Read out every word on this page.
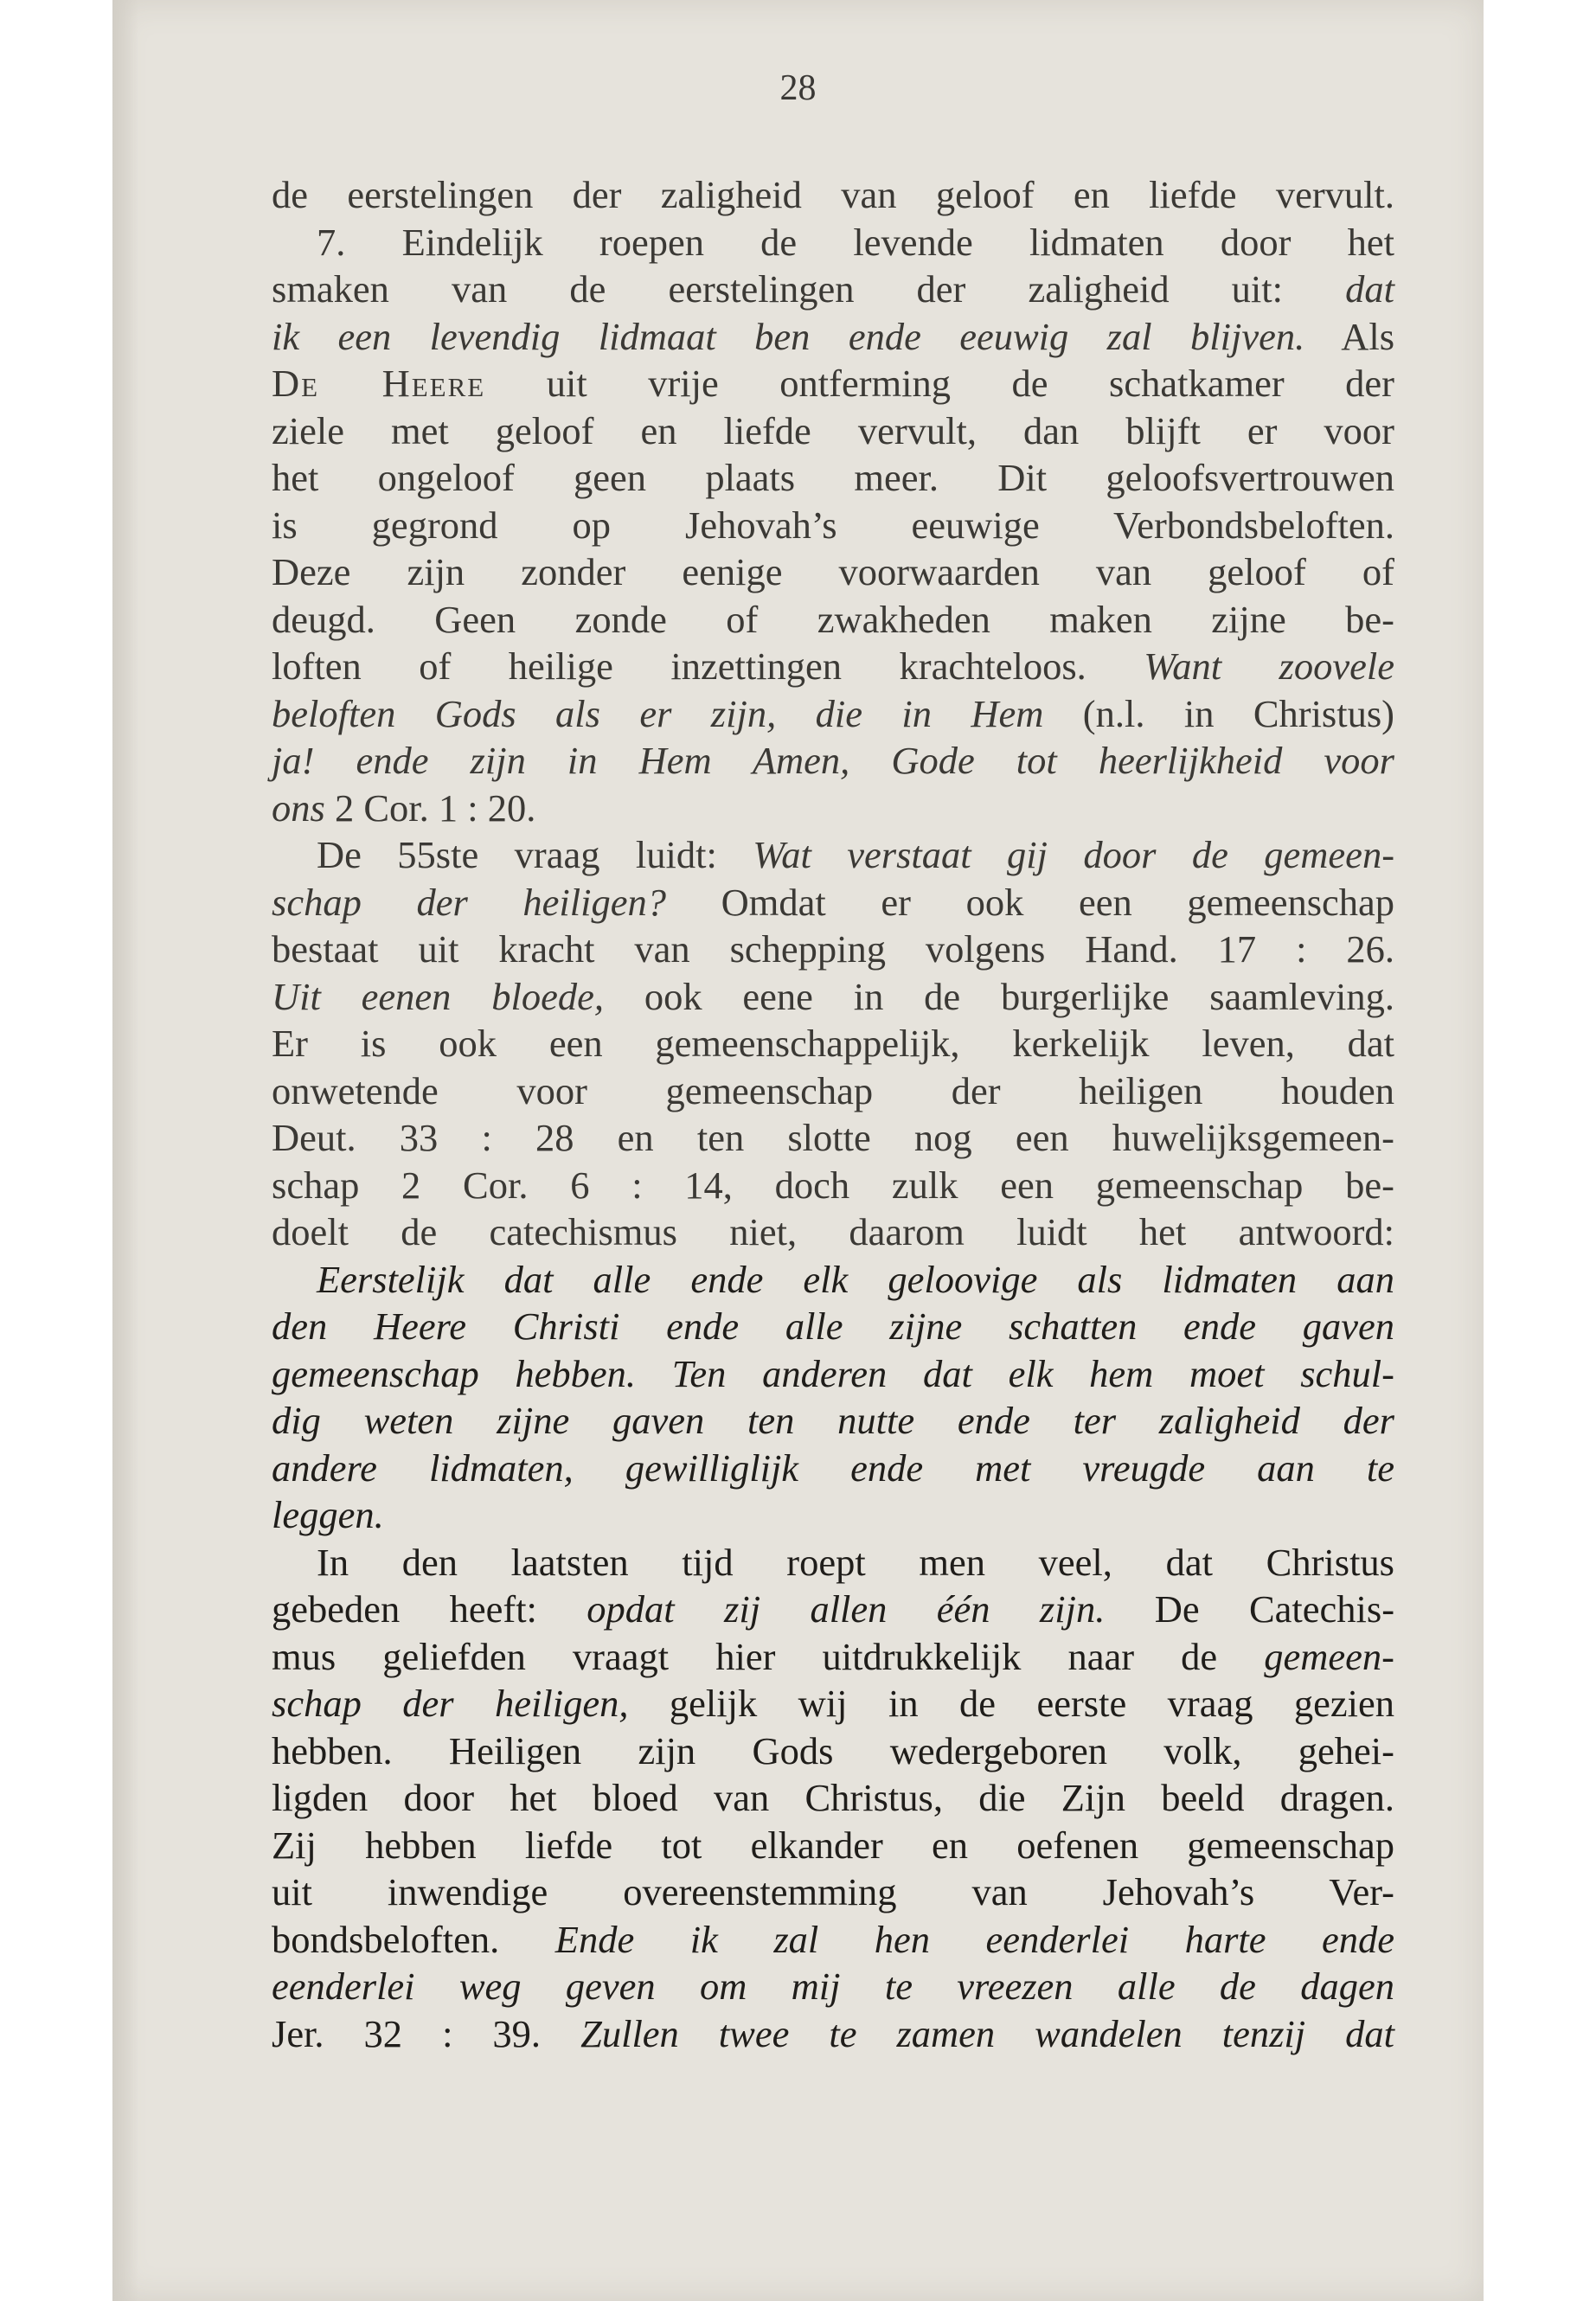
28
de eerstelingen der zaligheid van geloof en liefde vervult.
7. Eindelijk roepen de levende lidmaten door het
smaken van de eerstelingen der zaligheid uit: dat
ik een levendig lidmaat ben ende eeuwig zal blijven. Als
De Heere uit vrije ontferming de schatkamer der
ziele met geloof en liefde vervult, dan blijft er voor
het ongeloof geen plaats meer. Dit geloofsvertrouwen
is gegrond op Jehovah’s eeuwige Verbondsbeloften.
Deze zijn zonder eenige voorwaarden van geloof of
deugd. Geen zonde of zwakheden maken zijne be-
loften of heilige inzettingen krachteloos. Want zoovele
beloften Gods als er zijn, die in Hem (n.l. in Christus)
ja! ende zijn in Hem Amen, Gode tot heerlijkheid voor
ons 2 Cor. 1 : 20.
De 55ste vraag luidt: Wat verstaat gij door de gemeen-
schap der heiligen? Omdat er ook een gemeenschap
bestaat uit kracht van schepping volgens Hand. 17 : 26.
Uit eenen bloede, ook eene in de burgerlijke saamleving.
Er is ook een gemeenschappelijk, kerkelijk leven, dat
onwetende voor gemeenschap der heiligen houden
Deut. 33 : 28 en ten slotte nog een huwelijksgemeen-
schap 2 Cor. 6 : 14, doch zulk een gemeenschap be-
doelt de catechismus niet, daarom luidt het antwoord:
Eerstelijk dat alle ende elk geloovige als lidmaten aan
den Heere Christi ende alle zijne schatten ende gaven
gemeenschap hebben. Ten anderen dat elk hem moet schul-
dig weten zijne gaven ten nutte ende ter zaligheid der
andere lidmaten, gewilliglijk ende met vreugde aan te
leggen.
In den laatsten tijd roept men veel, dat Christus
gebeden heeft: opdat zij allen één zijn. De Catechis-
mus geliefden vraagt hier uitdrukkelijk naar de gemeen-
schap der heiligen, gelijk wij in de eerste vraag gezien
hebben. Heiligen zijn Gods wedergeboren volk, gehei-
ligden door het bloed van Christus, die Zijn beeld dragen.
Zij hebben liefde tot elkander en oefenen gemeenschap
uit inwendige overeenstemming van Jehovah’s Ver-
bondsbeloften. Ende ik zal hen eenderlei harte ende
eenderlei weg geven om mij te vreezen alle de dagen
Jer. 32 : 39. Zullen twee te zamen wandelen tenzij dat
